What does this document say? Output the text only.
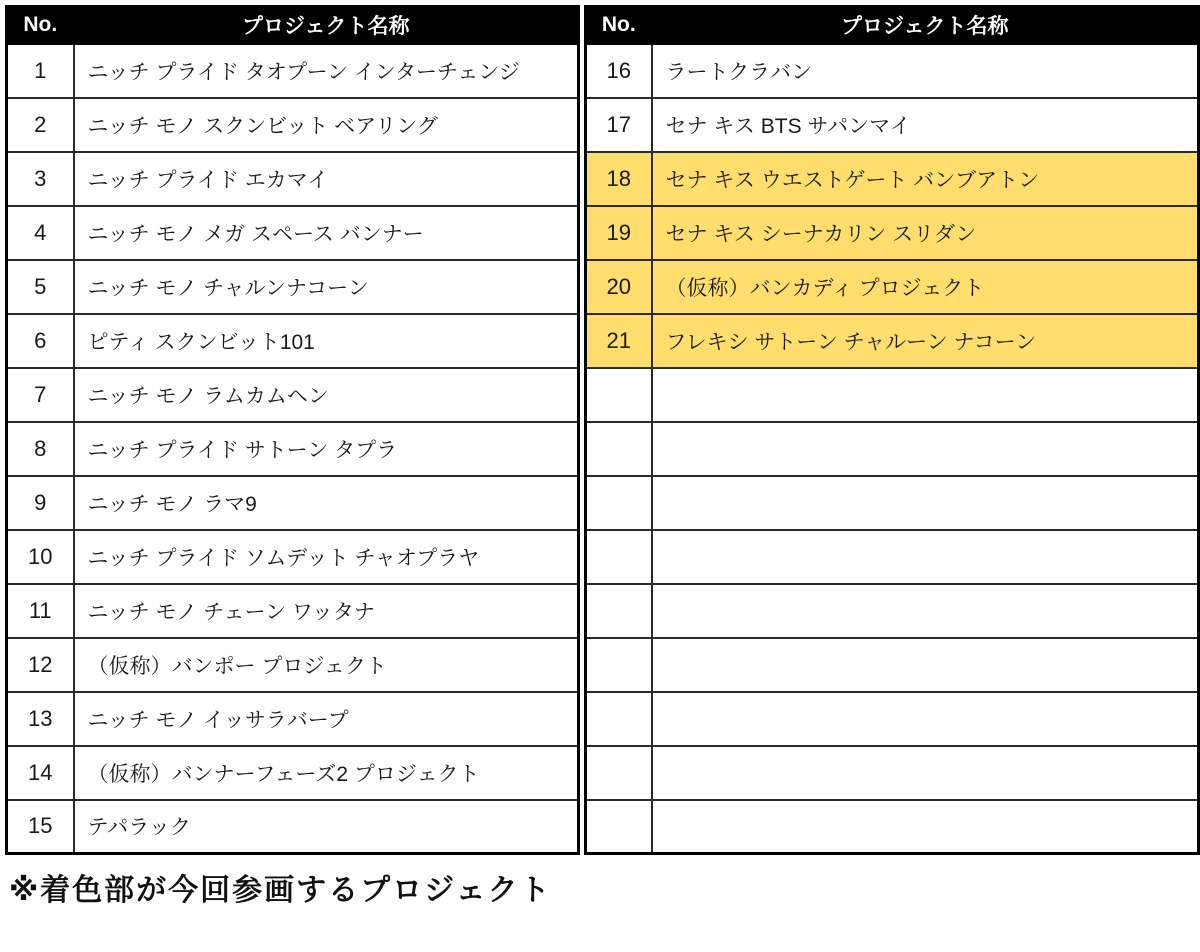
No.	プロジェクト名称
1	ニッチ プライド タオプーン インターチェンジ
2	ニッチ モノ スクンビット ベアリング
3	ニッチ プライド エカマイ
4	ニッチ モノ メガ スペース バンナー
5	ニッチ モノ チャルンナコーン
6	ピティ スクンビット101
7	ニッチ モノ ラムカムヘン
8	ニッチ プライド サトーン タプラ
9	ニッチ モノ ラマ9
10	ニッチ プライド ソムデット チャオプラヤ
11	ニッチ モノ チェーン ワッタナ
12	（仮称）バンポー プロジェクト
13	ニッチ モノ イッサラバープ
14	（仮称）バンナーフェーズ2 プロジェクト
15	テパラック
No.	プロジェクト名称
16	ラートクラバン
17	セナ キス BTS サパンマイ
18	セナ キス ウエストゲート バンブアトン
19	セナ キス シーナカリン スリダン
20	（仮称）バンカディ プロジェクト
21	フレキシ サトーン チャルーン ナコーン

※着色部が今回参画するプロジェクト
